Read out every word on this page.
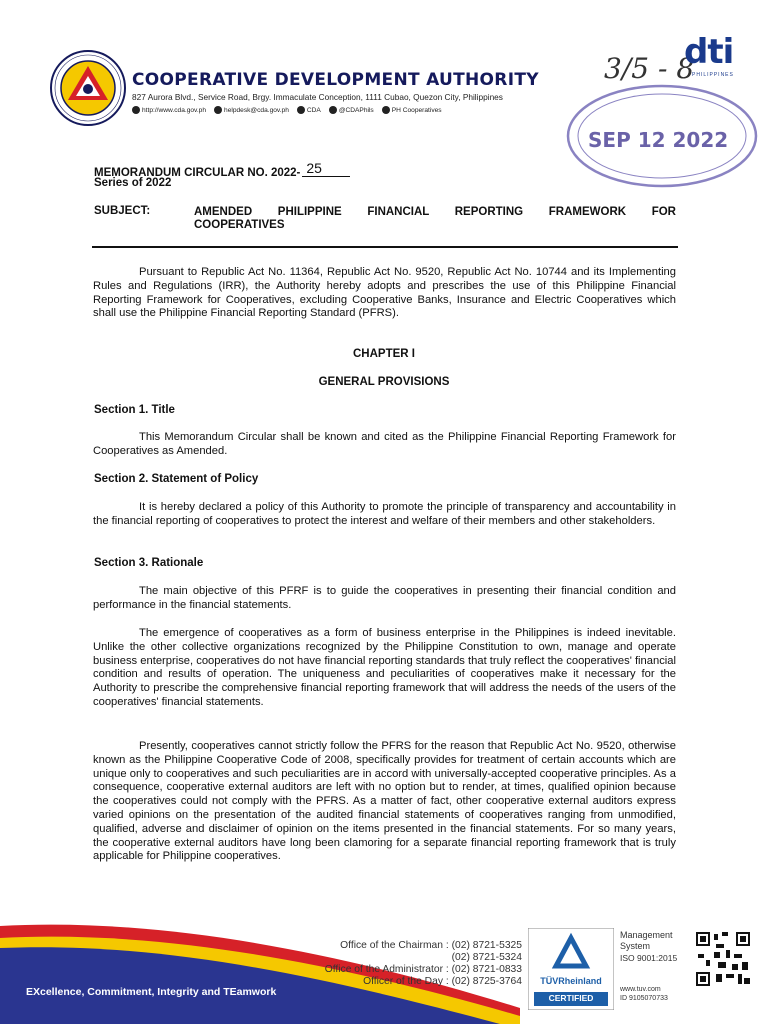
COOPERATIVE DEVELOPMENT AUTHORITY
827 Aurora Blvd., Service Road, Brgy. Immaculate Conception, 1111 Cubao, Quezon City, Philippines
http://www.cda.gov.ph	helpdesk@cda.gov.ph	CDA	@CDAPhils	PH Cooperatives
3/5 - 8
dti
PHILIPPINES
SEP 12 2022
MEMORANDUM CIRCULAR NO. 2022- 25
Series of 2022
SUBJECT:	AMENDED PHILIPPINE FINANCIAL REPORTING FRAMEWORK FOR
COOPERATIVES
Pursuant to Republic Act No. 11364, Republic Act No. 9520, Republic Act No. 10744 and its Implementing Rules and Regulations (IRR), the Authority hereby adopts and prescribes the use of this Philippine Financial Reporting Framework for Cooperatives, excluding Cooperative Banks, Insurance and Electric Cooperatives which shall use the Philippine Financial Reporting Standard (PFRS).
CHAPTER I
GENERAL PROVISIONS
Section 1. Title
This Memorandum Circular shall be known and cited as the Philippine Financial Reporting Framework for Cooperatives as Amended.
Section 2. Statement of Policy
It is hereby declared a policy of this Authority to promote the principle of transparency and accountability in the financial reporting of cooperatives to protect the interest and welfare of their members and other stakeholders.
Section 3. Rationale
The main objective of this PFRF is to guide the cooperatives in presenting their financial condition and performance in the financial statements.
The emergence of cooperatives as a form of business enterprise in the Philippines is indeed inevitable. Unlike the other collective organizations recognized by the Philippine Constitution to own, manage and operate business enterprise, cooperatives do not have financial reporting standards that truly reflect the cooperatives' financial condition and results of operation. The uniqueness and peculiarities of cooperatives make it necessary for the Authority to prescribe the comprehensive financial reporting framework that will address the needs of the users of the cooperatives' financial statements.
Presently, cooperatives cannot strictly follow the PFRS for the reason that Republic Act No. 9520, otherwise known as the Philippine Cooperative Code of 2008, specifically provides for treatment of certain accounts which are unique only to cooperatives and such peculiarities are in accord with universally-accepted cooperative principles. As a consequence, cooperative external auditors are left with no option but to render, at times, qualified opinion because the cooperatives could not comply with the PFRS. As a matter of fact, other cooperative external auditors express varied opinions on the presentation of the audited financial statements of cooperatives ranging from unmodified, qualified, adverse and disclaimer of opinion on the items presented in the financial statements. For so many years, the cooperative external auditors have long been clamoring for a separate financial reporting framework that is truly applicable for Philippine cooperatives.
Office of the Chairman : (02) 8721-5325
(02) 8721-5324
Office of the Administrator : (02) 8721-0833
Officer of the Day : (02) 8725-3764
EXcellence, Commitment, Integrity and TEamwork
TÜVRheinland
CERTIFIED
Management System
ISO 9001:2015
www.tuv.com
ID 9105070733
